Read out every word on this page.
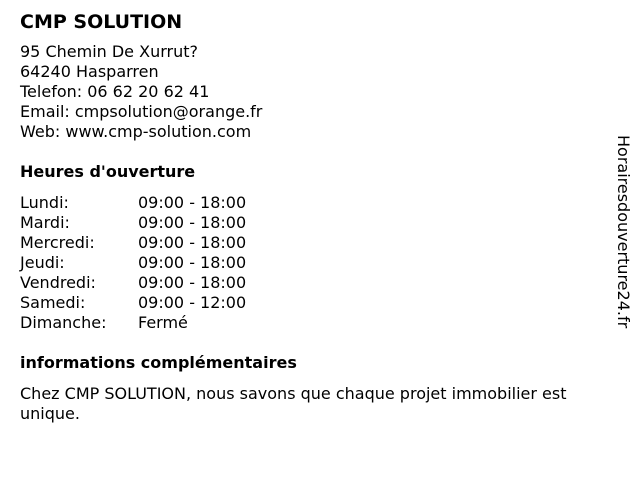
CMP SOLUTION
95 Chemin De Xurrut?
64240 Hasparren
Telefon: 06 62 20 62 41
Email: cmpsolution@orange.fr
Web: www.cmp-solution.com
Heures d'ouverture
Lundi:	09:00 - 18:00
Mardi:	09:00 - 18:00
Mercredi:	09:00 - 18:00
Jeudi:	09:00 - 18:00
Vendredi:	09:00 - 18:00
Samedi:	09:00 - 12:00
Dimanche:	Fermé
informations complémentaires
Chez CMP SOLUTION, nous savons que chaque projet immobilier est unique.
Horairesdouverture24.fr
